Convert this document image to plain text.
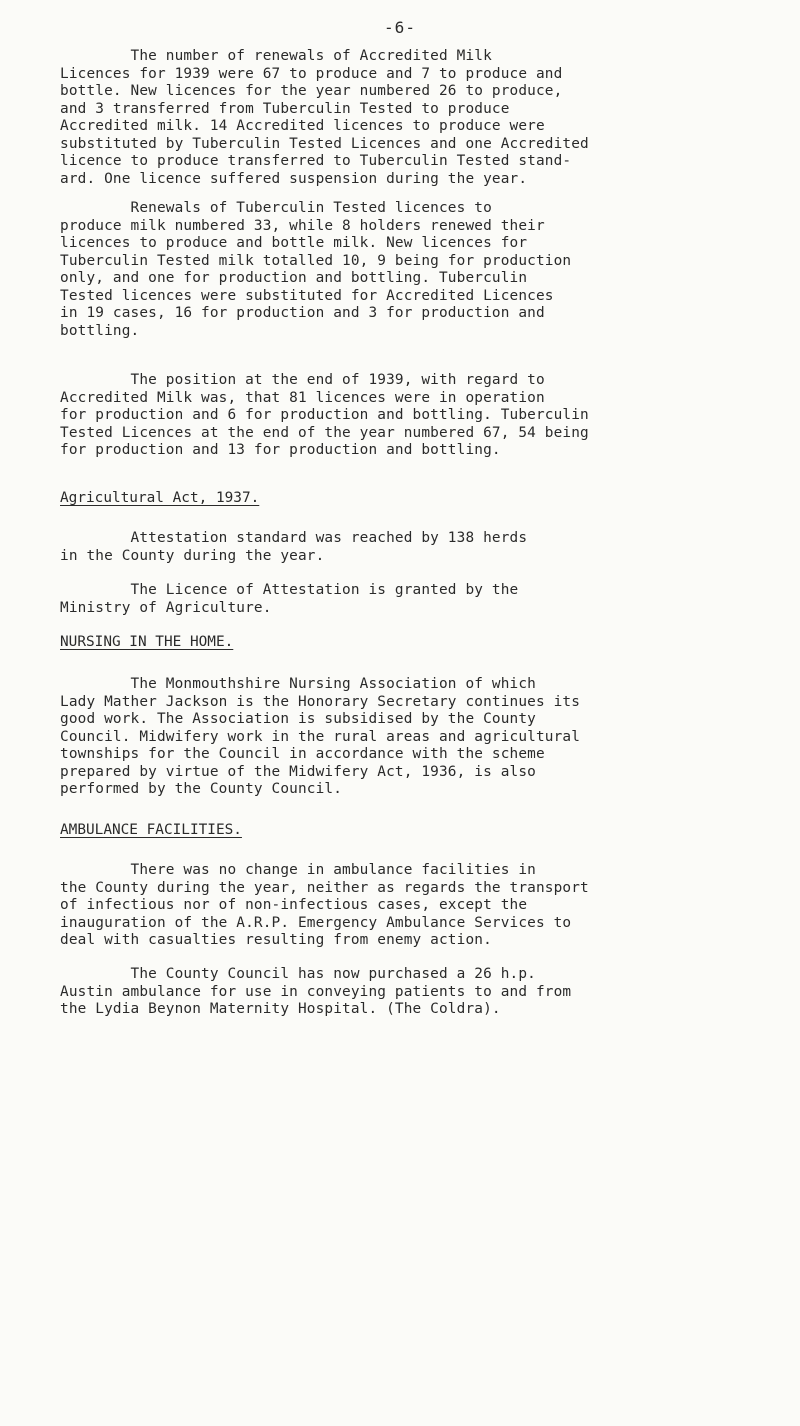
-6-

The number of renewals of Accredited Milk
Licences for 1939 were 67 to produce and 7 to produce and
bottle. New licences for the year numbered 26 to produce,
and 3 transferred from Tuberculin Tested to produce
Accredited milk. 14 Accredited licences to produce were
substituted by Tuberculin Tested Licences and one Accredited
licence to produce transferred to Tuberculin Tested stand-
ard. One licence suffered suspension during the year.

Renewals of Tuberculin Tested licences to
produce milk numbered 33, while 8 holders renewed their
licences to produce and bottle milk. New licences for
Tuberculin Tested milk totalled 10, 9 being for production
only, and one for production and bottling. Tuberculin
Tested licences were substituted for Accredited Licences
in 19 cases, 16 for production and 3 for production and
bottling.

The position at the end of 1939, with regard to
Accredited Milk was, that 81 licences were in operation
for production and 6 for production and bottling. Tuberculin
Tested Licences at the end of the year numbered 67, 54 being
for production and 13 for production and bottling.

Agricultural Act, 1937.

Attestation standard was reached by 138 herds
in the County during the year.

The Licence of Attestation is granted by the
Ministry of Agriculture.

NURSING IN THE HOME.

The Monmouthshire Nursing Association of which
Lady Mather Jackson is the Honorary Secretary continues its
good work. The Association is subsidised by the County
Council. Midwifery work in the rural areas and agricultural
townships for the Council in accordance with the scheme
prepared by virtue of the Midwifery Act, 1936, is also
performed by the County Council.

AMBULANCE FACILITIES.

There was no change in ambulance facilities in
the County during the year, neither as regards the transport
of infectious nor of non-infectious cases, except the
inauguration of the A.R.P. Emergency Ambulance Services to
deal with casualties resulting from enemy action.

The County Council has now purchased a 26 h.p.
Austin ambulance for use in conveying patients to and from
the Lydia Beynon Maternity Hospital. (The Coldra).
